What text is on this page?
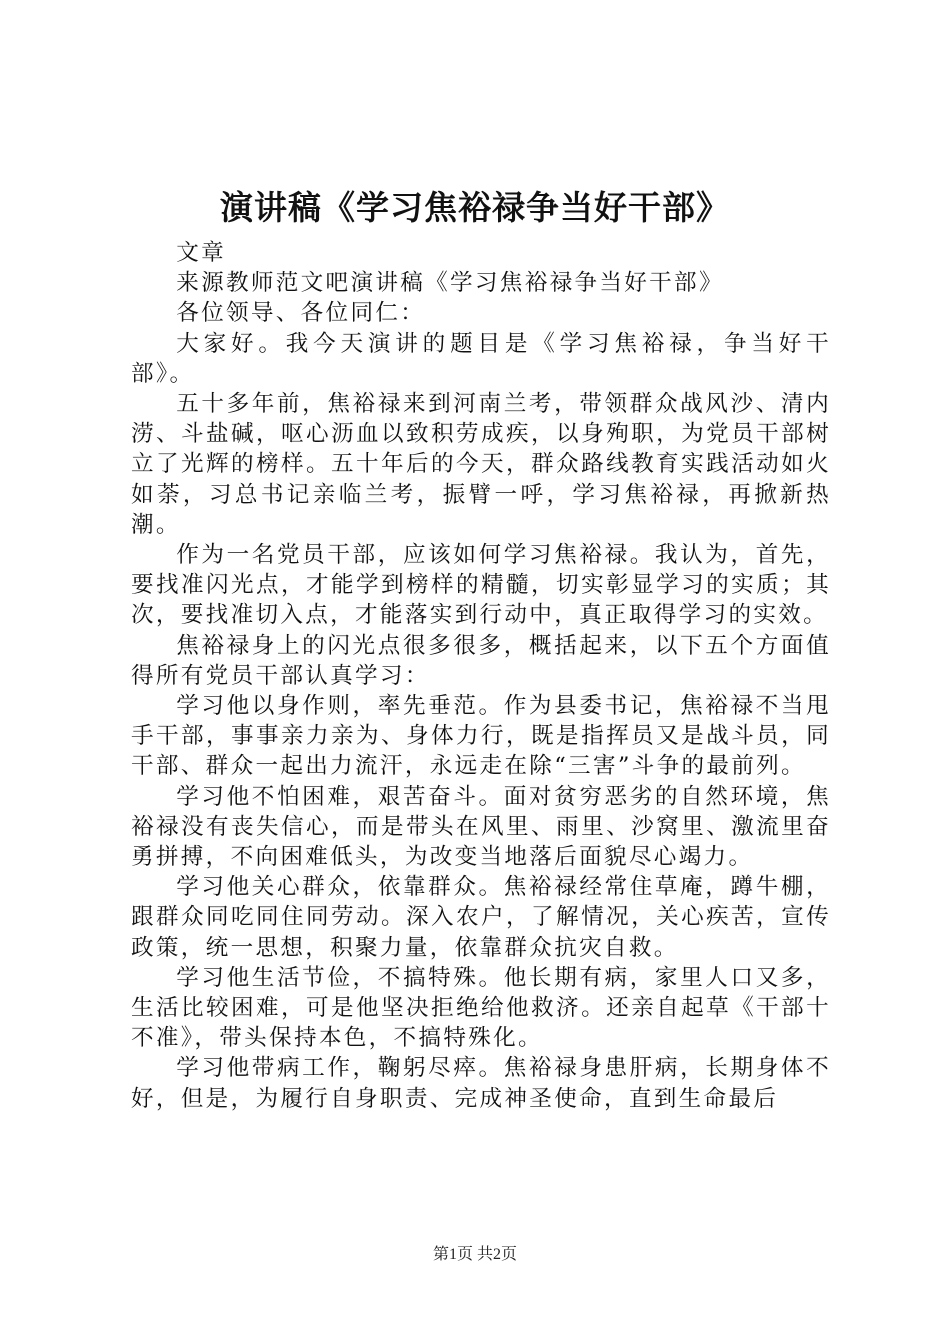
演讲稿《学习焦裕禄争当好干部》

文章

来源教师范文吧演讲稿《学习焦裕禄争当好干部》

各位领导、各位同仁：

大家好。我今天演讲的题目是《学习焦裕禄，争当好干部》。

五十多年前，焦裕禄来到河南兰考，带领群众战风沙、清内涝、斗盐碱，呕心沥血以致积劳成疾，以身殉职，为党员干部树立了光辉的榜样。五十年后的今天，群众路线教育实践活动如火如荼，习总书记亲临兰考，振臂一呼，学习焦裕禄，再掀新热潮。

作为一名党员干部，应该如何学习焦裕禄。我认为，首先，要找准闪光点，才能学到榜样的精髓，切实彰显学习的实质；其次，要找准切入点，才能落实到行动中，真正取得学习的实效。

焦裕禄身上的闪光点很多很多，概括起来，以下五个方面值得所有党员干部认真学习：

学习他以身作则，率先垂范。作为县委书记，焦裕禄不当甩手干部，事事亲力亲为、身体力行，既是指挥员又是战斗员，同干部、群众一起出力流汗，永远走在除“三害”斗争的最前列。

学习他不怕困难，艰苦奋斗。面对贫穷恶劣的自然环境，焦裕禄没有丧失信心，而是带头在风里、雨里、沙窝里、激流里奋勇拼搏，不向困难低头，为改变当地落后面貌尽心竭力。

学习他关心群众，依靠群众。焦裕禄经常住草庵，蹲牛棚，跟群众同吃同住同劳动。深入农户，了解情况，关心疾苦，宣传政策，统一思想，积聚力量，依靠群众抗灾自救。

学习他生活节俭，不搞特殊。他长期有病，家里人口又多，生活比较困难，可是他坚决拒绝给他救济。还亲自起草《干部十不准》，带头保持本色，不搞特殊化。

学习他带病工作，鞠躬尽瘁。焦裕禄身患肝病，长期身体不好，但是，为履行自身职责、完成神圣使命，直到生命最后

第1页 共2页
